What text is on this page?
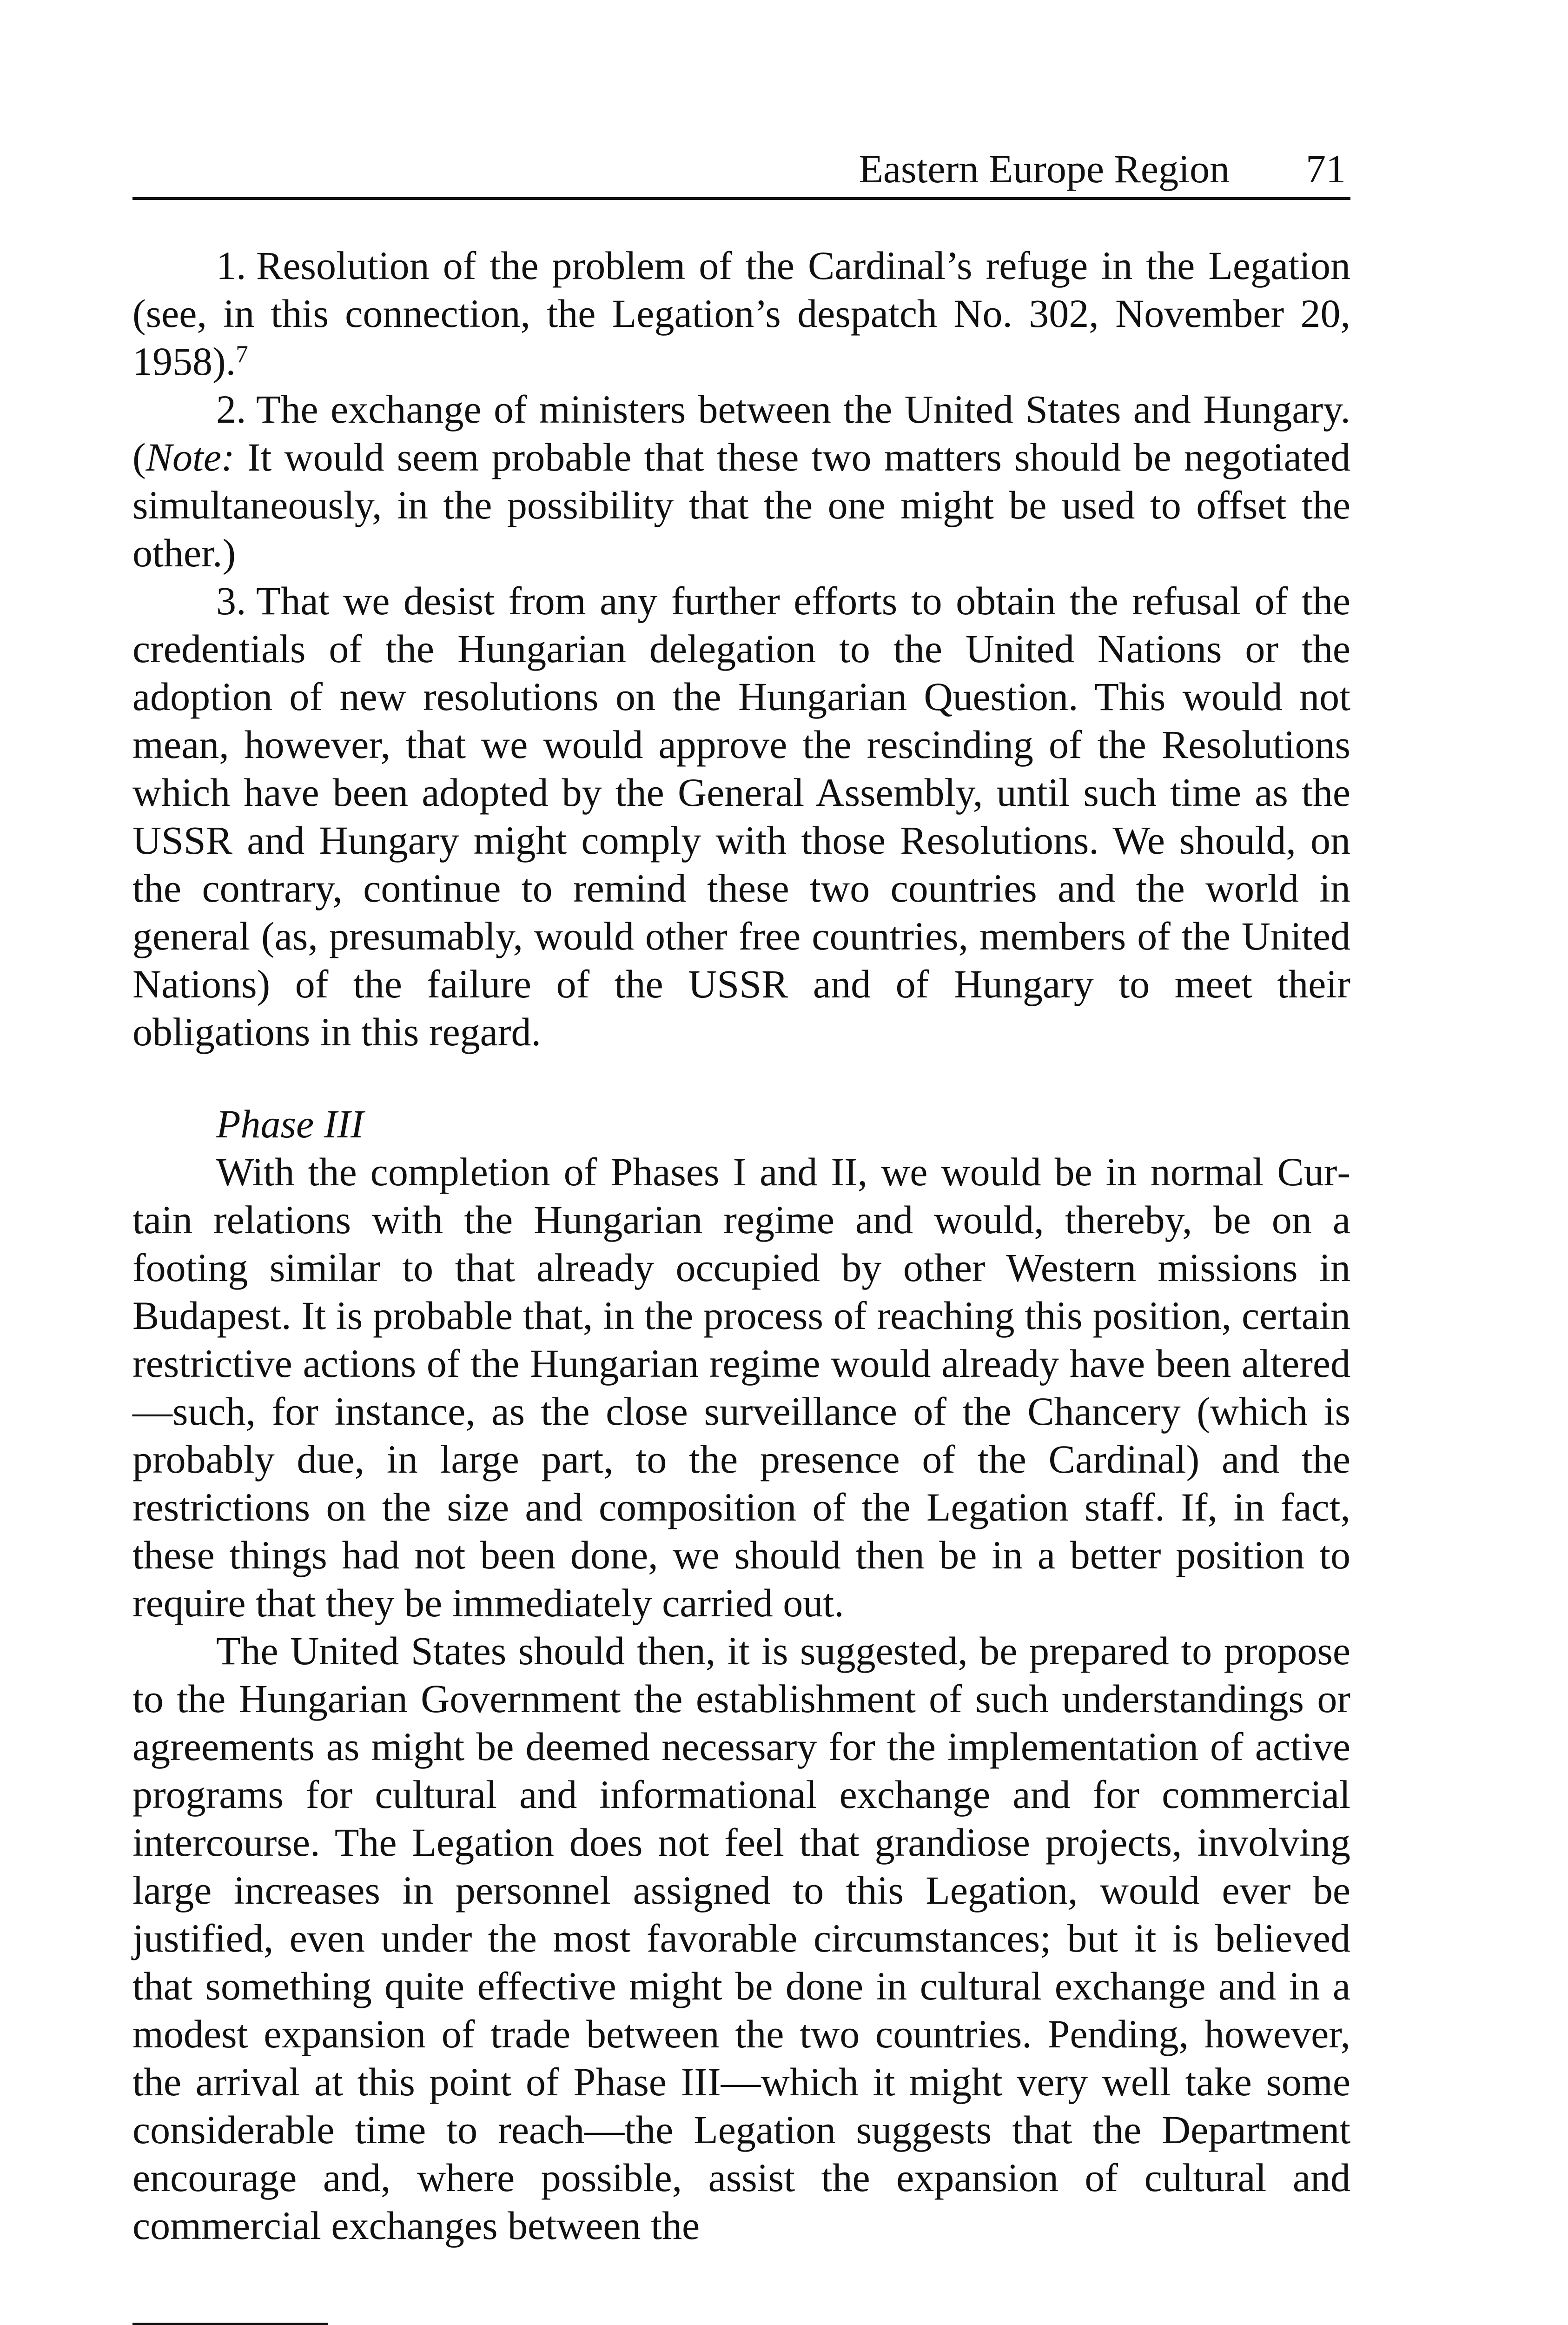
Eastern Europe Region 71

1. Resolution of the problem of the Cardinal’s refuge in the Legation (see, in this connection, the Legation’s despatch No. 302, November 20, 1958).$^7$

2. The exchange of ministers between the United States and Hungary. (Note: It would seem probable that these two matters should be negotiated simultaneously, in the possibility that the one might be used to offset the other.)

3. That we desist from any further efforts to obtain the refusal of the credentials of the Hungarian delegation to the United Nations or the adoption of new resolutions on the Hungarian Question. This would not mean, however, that we would approve the rescinding of the Resolutions which have been adopted by the General Assembly, until such time as the USSR and Hungary might comply with those Resolutions. We should, on the contrary, continue to remind these two countries and the world in general (as, presumably, would other free countries, members of the United Nations) of the failure of the USSR and of Hungary to meet their obligations in this regard.

Phase III

With the completion of Phases I and II, we would be in normal Curtain relations with the Hungarian regime and would, thereby, be on a footing similar to that already occupied by other Western missions in Budapest. It is probable that, in the process of reaching this position, certain restrictive actions of the Hungarian regime would already have been altered—such, for instance, as the close surveillance of the Chancery (which is probably due, in large part, to the presence of the Cardinal) and the restrictions on the size and composition of the Legation staff. If, in fact, these things had not been done, we should then be in a better position to require that they be immediately carried out.

The United States should then, it is suggested, be prepared to propose to the Hungarian Government the establishment of such understandings or agreements as might be deemed necessary for the implementation of active programs for cultural and informational exchange and for commercial intercourse. The Legation does not feel that grandiose projects, involving large increases in personnel assigned to this Legation, would ever be justified, even under the most favorable circumstances; but it is believed that something quite effective might be done in cultural exchange and in a modest expansion of trade between the two countries. Pending, however, the arrival at this point of Phase III—which it might very well take some considerable time to reach—the Legation suggests that the Department encourage and, where possible, assist the expansion of cultural and commercial exchanges between the
